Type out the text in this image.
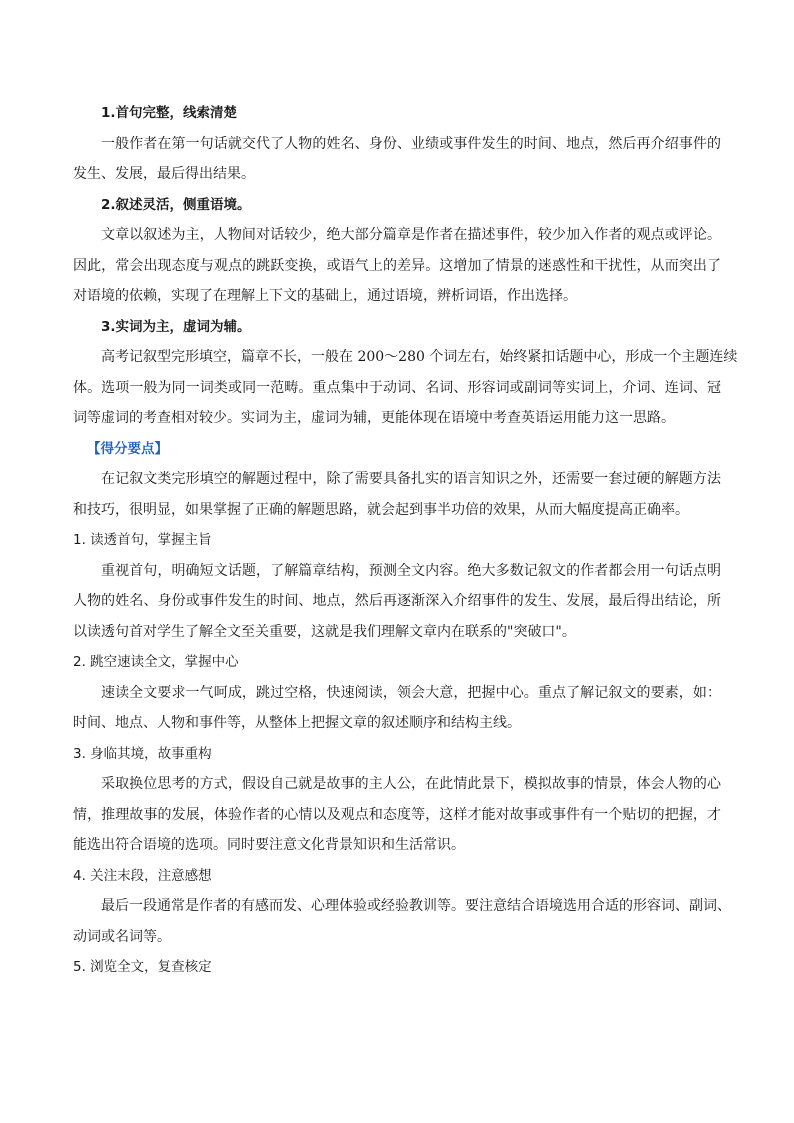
1.首句完整，线索清楚
一般作者在第一句话就交代了人物的姓名、身份、业绩或事件发生的时间、地点，然后再介绍事件的
发生、发展，最后得出结果。
2.叙述灵活，侧重语境。
文章以叙述为主，人物间对话较少，绝大部分篇章是作者在描述事件，较少加入作者的观点或评论。
因此，常会出现态度与观点的跳跃变换，或语气上的差异。这增加了情景的迷惑性和干扰性，从而突出了
对语境的依赖，实现了在理解上下文的基础上，通过语境，辨析词语，作出选择。
3.实词为主，虚词为辅。
高考记叙型完形填空，篇章不长，一般在 200～280 个词左右，始终紧扣话题中心，形成一个主题连续
体。选项一般为同一词类或同一范畴。重点集中于动词、名词、形容词或副词等实词上，介词、连词、冠
词等虚词的考查相对较少。实词为主，虚词为辅，更能体现在语境中考查英语运用能力这一思路。
【得分要点】
在记叙文类完形填空的解题过程中，除了需要具备扎实的语言知识之外，还需要一套过硬的解题方法
和技巧，很明显，如果掌握了正确的解题思路，就会起到事半功倍的效果，从而大幅度提高正确率。
1. 读透首句，掌握主旨
重视首句，明确短文话题，了解篇章结构，预测全文内容。绝大多数记叙文的作者都会用一句话点明
人物的姓名、身份或事件发生的时间、地点，然后再逐渐深入介绍事件的发生、发展，最后得出结论，所
以读透句首对学生了解全文至关重要，这就是我们理解文章内在联系的"突破口"。
2. 跳空速读全文，掌握中心
速读全文要求一气呵成，跳过空格，快速阅读，领会大意，把握中心。重点了解记叙文的要素，如：
时间、地点、人物和事件等，从整体上把握文章的叙述顺序和结构主线。
3. 身临其境，故事重构
采取换位思考的方式，假设自己就是故事的主人公，在此情此景下，模拟故事的情景，体会人物的心
情，推理故事的发展，体验作者的心情以及观点和态度等，这样才能对故事或事件有一个贴切的把握，才
能选出符合语境的选项。同时要注意文化背景知识和生活常识。
4. 关注末段，注意感想
最后一段通常是作者的有感而发、心理体验或经验教训等。要注意结合语境选用合适的形容词、副词、
动词或名词等。
5. 浏览全文，复查核定
